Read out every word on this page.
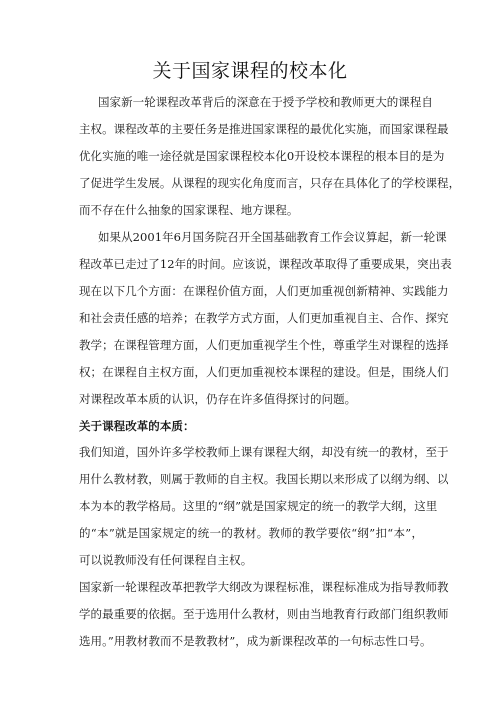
关于国家课程的校本化
国家新一轮课程改革背后的深意在于授予学校和教师更大的课程自
主权。课程改革的主要任务是推进国家课程的最优化实施，而国家课程最
优化实施的唯一途径就是国家课程校本化0开设校本课程的根本目的是为
了促进学生发展。从课程的现实化角度而言，只存在具体化了的学校课程，
而不存在什么抽象的国家课程、地方课程。
如果从2001年6月国务院召开全国基础教育工作会议算起，新一轮课
程改革已走过了12年的时间。应该说，课程改革取得了重要成果，突出表
现在以下几个方面：在课程价值方面，人们更加重视创新精神、实践能力
和社会责任感的培养；在教学方式方面，人们更加重视自主、合作、探究
教学；在课程管理方面，人们更加重视学生个性，尊重学生对课程的选择
权；在课程自主权方面，人们更加重视校本课程的建设。但是，围绕人们
对课程改革本质的认识，仍存在许多值得探讨的问题。
关于课程改革的本质：
我们知道，国外许多学校教师上课有课程大纲，却没有统一的教材，至于
用什么教材教，则属于教师的自主权。我国长期以来形成了以纲为纲、以
本为本的教学格局。这里的“纲”就是国家规定的统一的教学大纲，这里
的“本”就是国家规定的统一的教材。教师的教学要依“纲”扣“本”，
可以说教师没有任何课程自主权。
国家新一轮课程改革把教学大纲改为课程标准，课程标准成为指导教师教
学的最重要的依据。至于选用什么教材，则由当地教育行政部门组织教师
选用。”用教材教而不是教教材”，成为新课程改革的一句标志性口号。
